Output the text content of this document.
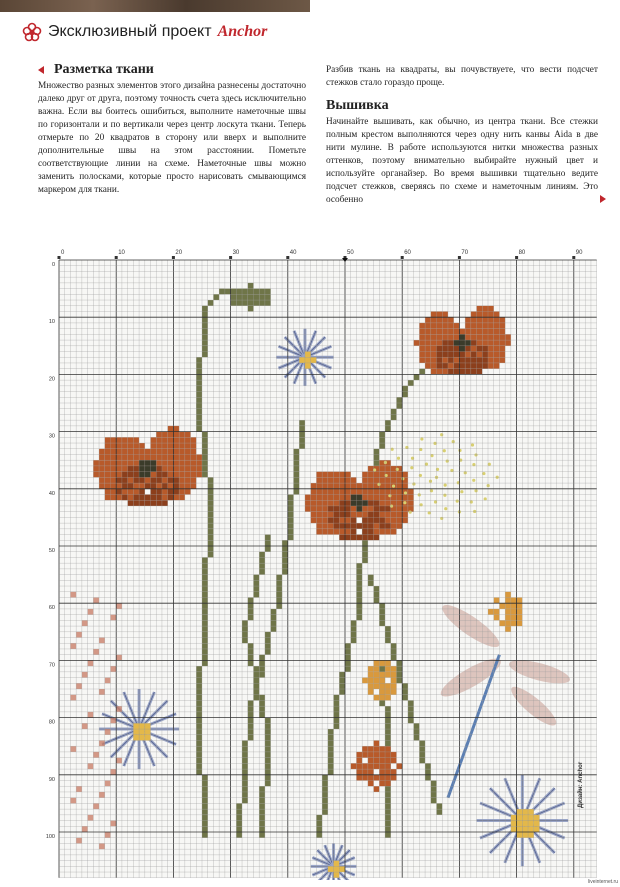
Эксклюзивный проект Anchor
Разметка ткани

Множество разных элементов этого дизайна разнесены достаточно далеко друг от друга, поэтому точность счета здесь исключительно важна. Если вы боитесь ошибиться, выполните наметочные швы по горизонтали и по вертикали через центр лоскута ткани. Теперь отмерьте по 20 квадратов в сторону или вверх и выполните дополнительные швы на этом расстоянии. Пометьте соответствующие линии на схеме. Наметочные швы можно заменить полосками, которые просто нарисовать смывающимся маркером для ткани.

Разбив ткань на квадраты, вы почувствуете, что вести подсчет стежков стало гораздо проще.

Вышивка

Начинайте вышивать, как обычно, из центра ткани. Все стежки полным крестом выполняются через одну нить канвы Aida в две нити мулине. В работе используются нитки множества разных оттенков, поэтому внимательно выбирайте нужный цвет и используйте органайзер. Во время вышивки тщательно ведите подсчет стежков, сверяясь по схеме и наметочным линиям. Это особенно

0	10	20	30	40	50	60	70	80	90
0
10
20
30
40
50
60
70
80
90
100
Дизайн: Anchor
liveinternet.ru
